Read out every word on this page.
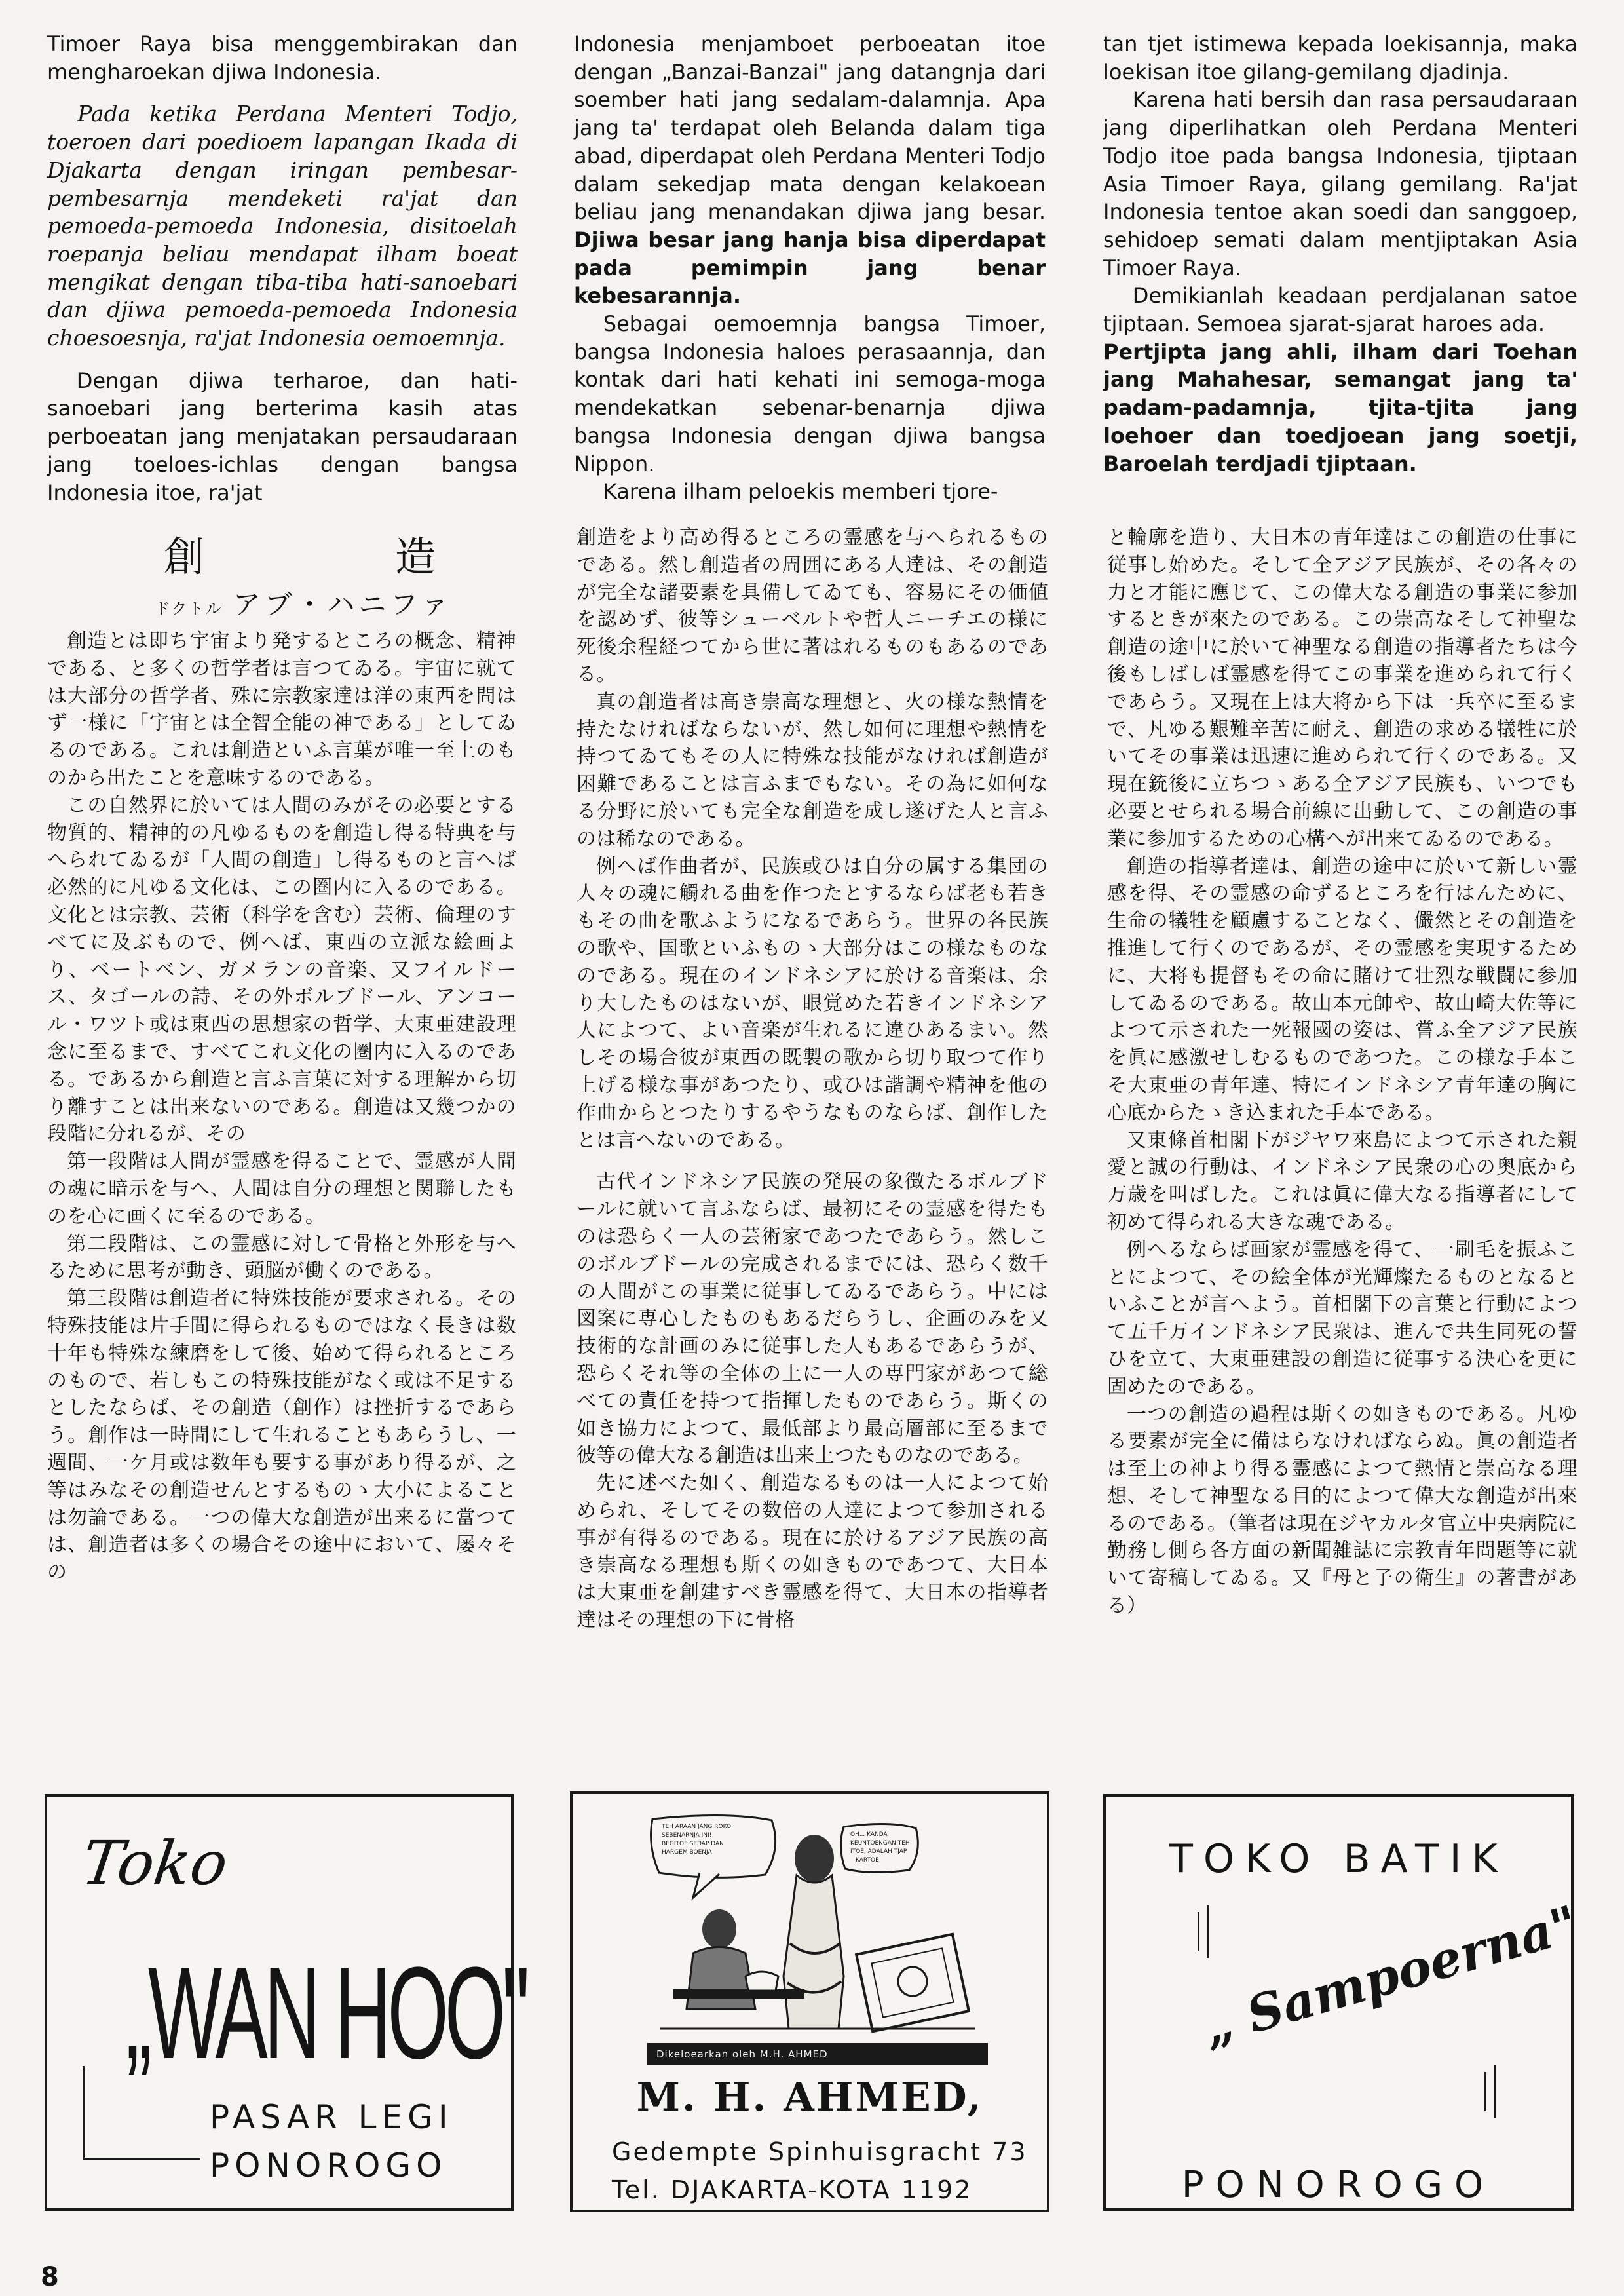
Timoer Raya bisa menggembirakan dan mengharoekan djiwa Indonesia.

Pada ketika Perdana Menteri Todjo, toeroen dari poedioem lapangan Ikada di Djakarta dengan iringan pembesar-pembesarnja mendeketi ra'jat dan pemoeda-pemoeda Indonesia, disitoelah roepanja beliau mendapat ilham boeat mengikat dengan tiba-tiba hati-sanoebari dan djiwa pemoeda-pemoeda Indonesia choesoesnja, ra'jat Indonesia oemoemnja.

Dengan djiwa terharoe, dan hati-sanoebari jang berterima kasih atas perboeatan jang menjatakan persaudaraan jang toeloes-ichlas dengan bangsa Indonesia itoe, ra'jat

Indonesia menjamboet perboeatan itoe dengan „Banzai-Banzai" jang datangnja dari soember hati jang sedalam-dalamnja. Apa jang ta' terdapat oleh Belanda dalam tiga abad, diperdapat oleh Perdana Menteri Todjo dalam sekedjap mata dengan kelakoean beliau jang menandakan djiwa jang besar. Djiwa besar jang hanja bisa diperdapat pada pemimpin jang benar kebesarannja.

Sebagai oemoemnja bangsa Timoer, bangsa Indonesia haloes perasaannja, dan kontak dari hati kehati ini semoga-moga mendekatkan sebenar-benarnja djiwa bangsa Indonesia dengan djiwa bangsa Nippon.

Karena ilham peloekis memberi tjore-

tan tjet istimewa kepada loekisannja, maka loekisan itoe gilang-gemilang djadinja.

Karena hati bersih dan rasa persaudaraan jang diperlihatkan oleh Perdana Menteri Todjo itoe pada bangsa Indonesia, tjiptaan Asia Timoer Raya, gilang gemilang. Ra'jat Indonesia tentoe akan soedi dan sanggoep, sehidoep semati dalam mentjiptakan Asia Timoer Raya.

Demikianlah keadaan perdjalanan satoe tjiptaan. Semoea sjarat-sjarat haroes ada.

Pertjipta jang ahli, ilham dari Toehan jang Mahahesar, semangat jang ta' padam-padamnja, tjita-tjita jang loehoer dan toedjoean jang soetji, Baroelah terdjadi tjiptaan.

創	造
ドクトル アブ・ハニファ

創造とは即ち宇宙より発するところの概念、精神である、と多くの哲学者は言つてゐる。宇宙に就ては大部分の哲学者、殊に宗教家達は洋の東西を問はず一様に「宇宙とは全智全能の神である」としてゐるのである。これは創造といふ言葉が唯一至上のものから出たことを意味するのである。

この自然界に於いては人間のみがその必要とする物質的、精神的の凡ゆるものを創造し得る特典を与へられてゐるが「人間の創造」し得るものと言へば必然的に凡ゆる文化は、この圏内に入るのである。文化とは宗教、芸術（科学を含む）芸術、倫理のすべてに及ぶもので、例へば、東西の立派な絵画より、ベートベン、ガメランの音楽、又フイルドース、タゴールの詩、その外ボルブドール、アンコール・ワツト或は東西の思想家の哲学、大東亜建設理念に至るまで、すべてこれ文化の圏内に入るのである。であるから創造と言ふ言葉に対する理解から切り離すことは出来ないのである。創造は又幾つかの段階に分れるが、その

第一段階は人間が霊感を得ることで、霊感が人間の魂に暗示を与へ、人間は自分の理想と関聯したものを心に画くに至るのである。

第二段階は、この霊感に対して骨格と外形を与へるために思考が動き、頭脳が働くのである。

第三段階は創造者に特殊技能が要求される。その特殊技能は片手間に得られるものではなく長きは数十年も特殊な練磨をして後、始めて得られるところのもので、若しもこの特殊技能がなく或は不足するとしたならば、その創造（創作）は挫折するであらう。創作は一時間にして生れることもあらうし、一週間、一ケ月或は数年も要する事があり得るが、之等はみなその創造せんとするものゝ大小によることは勿論である。一つの偉大な創造が出来るに當つては、創造者は多くの場合その途中において、屡々その

創造をより高め得るところの霊感を与へられるものである。然し創造者の周囲にある人達は、その創造が完全な諸要素を具備してゐても、容易にその価値を認めず、彼等シューベルトや哲人ニーチエの様に死後余程経つてから世に著はれるものもあるのである。

真の創造者は高き崇高な理想と、火の様な熱情を持たなければならないが、然し如何に理想や熱情を持つてゐてもその人に特殊な技能がなければ創造が困難であることは言ふまでもない。その為に如何なる分野に於いても完全な創造を成し遂げた人と言ふのは稀なのである。

例へば作曲者が、民族或ひは自分の属する集団の人々の魂に觸れる曲を作つたとするならば老も若きもその曲を歌ふようになるであらう。世界の各民族の歌や、国歌といふものゝ大部分はこの様なものなのである。現在のインドネシアに於ける音楽は、余り大したものはないが、眼覚めた若きインドネシア人によつて、よい音楽が生れるに違ひあるまい。然しその場合彼が東西の既製の歌から切り取つて作り上げる様な事があつたり、或ひは諧調や精神を他の作曲からとつたりするやうなものならば、創作したとは言へないのである。

古代インドネシア民族の発展の象徴たるボルブドールに就いて言ふならば、最初にその霊感を得たものは恐らく一人の芸術家であつたであらう。然しこのボルブドールの完成されるまでには、恐らく数千の人間がこの事業に従事してゐるであらう。中には図案に専心したものもあるだらうし、企画のみを又技術的な計画のみに従事した人もあるであらうが、恐らくそれ等の全体の上に一人の専門家があつて総べての責任を持つて指揮したものであらう。斯くの如き協力によつて、最低部より最高層部に至るまで彼等の偉大なる創造は出来上つたものなのである。

先に述べた如く、創造なるものは一人によつて始められ、そしてその数倍の人達によつて参加される事が有得るのである。現在に於けるアジア民族の高き崇高なる理想も斯くの如きものであつて、大日本は大東亜を創建すべき霊感を得て、大日本の指導者達はその理想の下に骨格

と輪廓を造り、大日本の青年達はこの創造の仕事に従事し始めた。そして全アジア民族が、その各々の力と才能に應じて、この偉大なる創造の事業に参加するときが來たのである。この崇高なそして神聖な創造の途中に於いて神聖なる創造の指導者たちは今後もしばしば霊感を得てこの事業を進められて行くであらう。又現在上は大将から下は一兵卒に至るまで、凡ゆる艱難辛苦に耐え、創造の求める犠牲に於いてその事業は迅速に進められて行くのである。又現在銃後に立ちつゝある全アジア民族も、いつでも必要とせられる場合前線に出動して、この創造の事業に参加するための心構へが出来てゐるのである。

創造の指導者達は、創造の途中に於いて新しい霊感を得、その霊感の命ずるところを行はんために、生命の犠牲を顧慮することなく、儼然とその創造を推進して行くのであるが、その霊感を実現するために、大将も提督もその命に賭けて壮烈な戦闘に参加してゐるのである。故山本元帥や、故山崎大佐等によつて示された一死報國の姿は、嘗ふ全アジア民族を眞に感激せしむるものであつた。この様な手本こそ大東亜の青年達、特にインドネシア青年達の胸に心底からたゝき込まれた手本である。

又東條首相閣下がジヤワ來島によつて示された親愛と誠の行動は、インドネシア民衆の心の奥底から万歳を叫ばした。これは眞に偉大なる指導者にして初めて得られる大きな魂である。

例へるならば画家が霊感を得て、一刷毛を振ふことによつて、その絵全体が光輝燦たるものとなるといふことが言へよう。首相閣下の言葉と行動によつて五千万インドネシア民衆は、進んで共生同死の誓ひを立て、大東亜建設の創造に従事する決心を更に固めたのである。

一つの創造の過程は斯くの如きものである。凡ゆる要素が完全に備はらなければならぬ。眞の創造者は至上の神より得る霊感によつて熱情と崇高なる理想、そして神聖なる目的によつて偉大な創造が出來るのである。（筆者は現在ジヤカルタ官立中央病院に勤務し側ら各方面の新聞雑誌に宗教青年問題等に就いて寄稿してゐる。又『母と子の衛生』の著書がある）

Toko
„WAN HOO"
PASAR LEGI
PONOROGO
TEH ARAAN JANG ROKO SEBENARNJA INI! BEGITOE SEDAP DAN HARGEM BOENJA
OH... KANDA KEUNTOENGAN TEH ITOE, ADALAH TJAP KARTOE
Dikeloearkan oleh M.H. AHMED
M. H. AHMED,
Gedempte Spinhuisgracht 73
Tel. DJAKARTA-KOTA 1192
TOKO BATIK
„ Sampoerna"
PONOROGO
8
